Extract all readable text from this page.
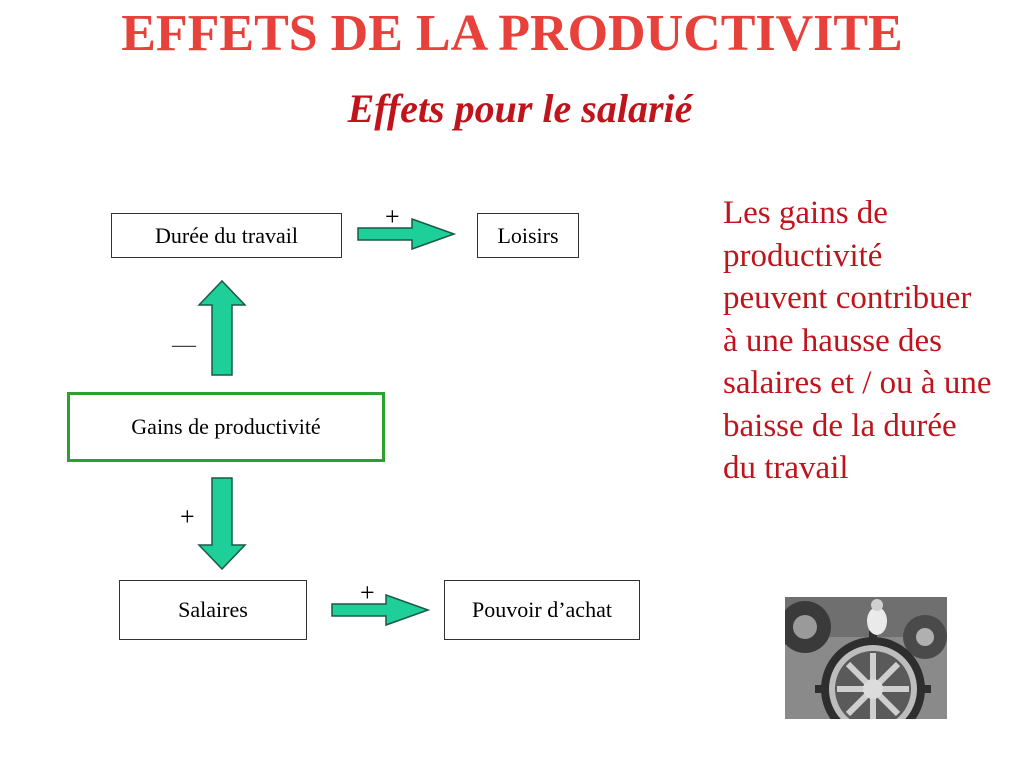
EFFETS DE LA PRODUCTIVITE
Effets pour le salarié
Durée du travail	Loisirs
Gains de productivité
Salaires	Pouvoir d’achat
+
—
+
+
Les gains de productivité peuvent contribuer à une hausse des salaires et / ou à une baisse de la durée du travail
